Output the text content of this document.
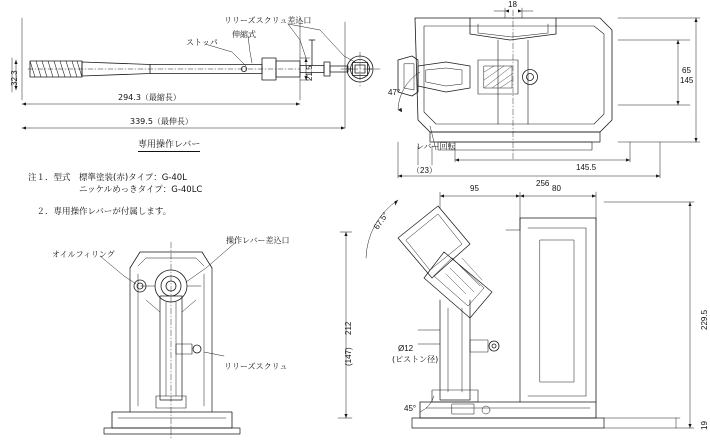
ストッパ
伸縮式
リリーズスクリュ差込口
32.3	21.5
294.3（最縮長）
339.5（最伸長）
専用操作レバー
注１．型式　標準塗装(赤)タイプ：G-40L
　　　　　　ニッケルめっきタイプ：G-40LC
　２．専用操作レバーが付属します。
18
65
145
145.5
256
（23）
47°
レバー回転
オイルフィリング
操作レバー差込口
リリーズスクリュ
212
(147)
229.5
19
95	80
67.5°
45°
Ø12
(ピストン径)
